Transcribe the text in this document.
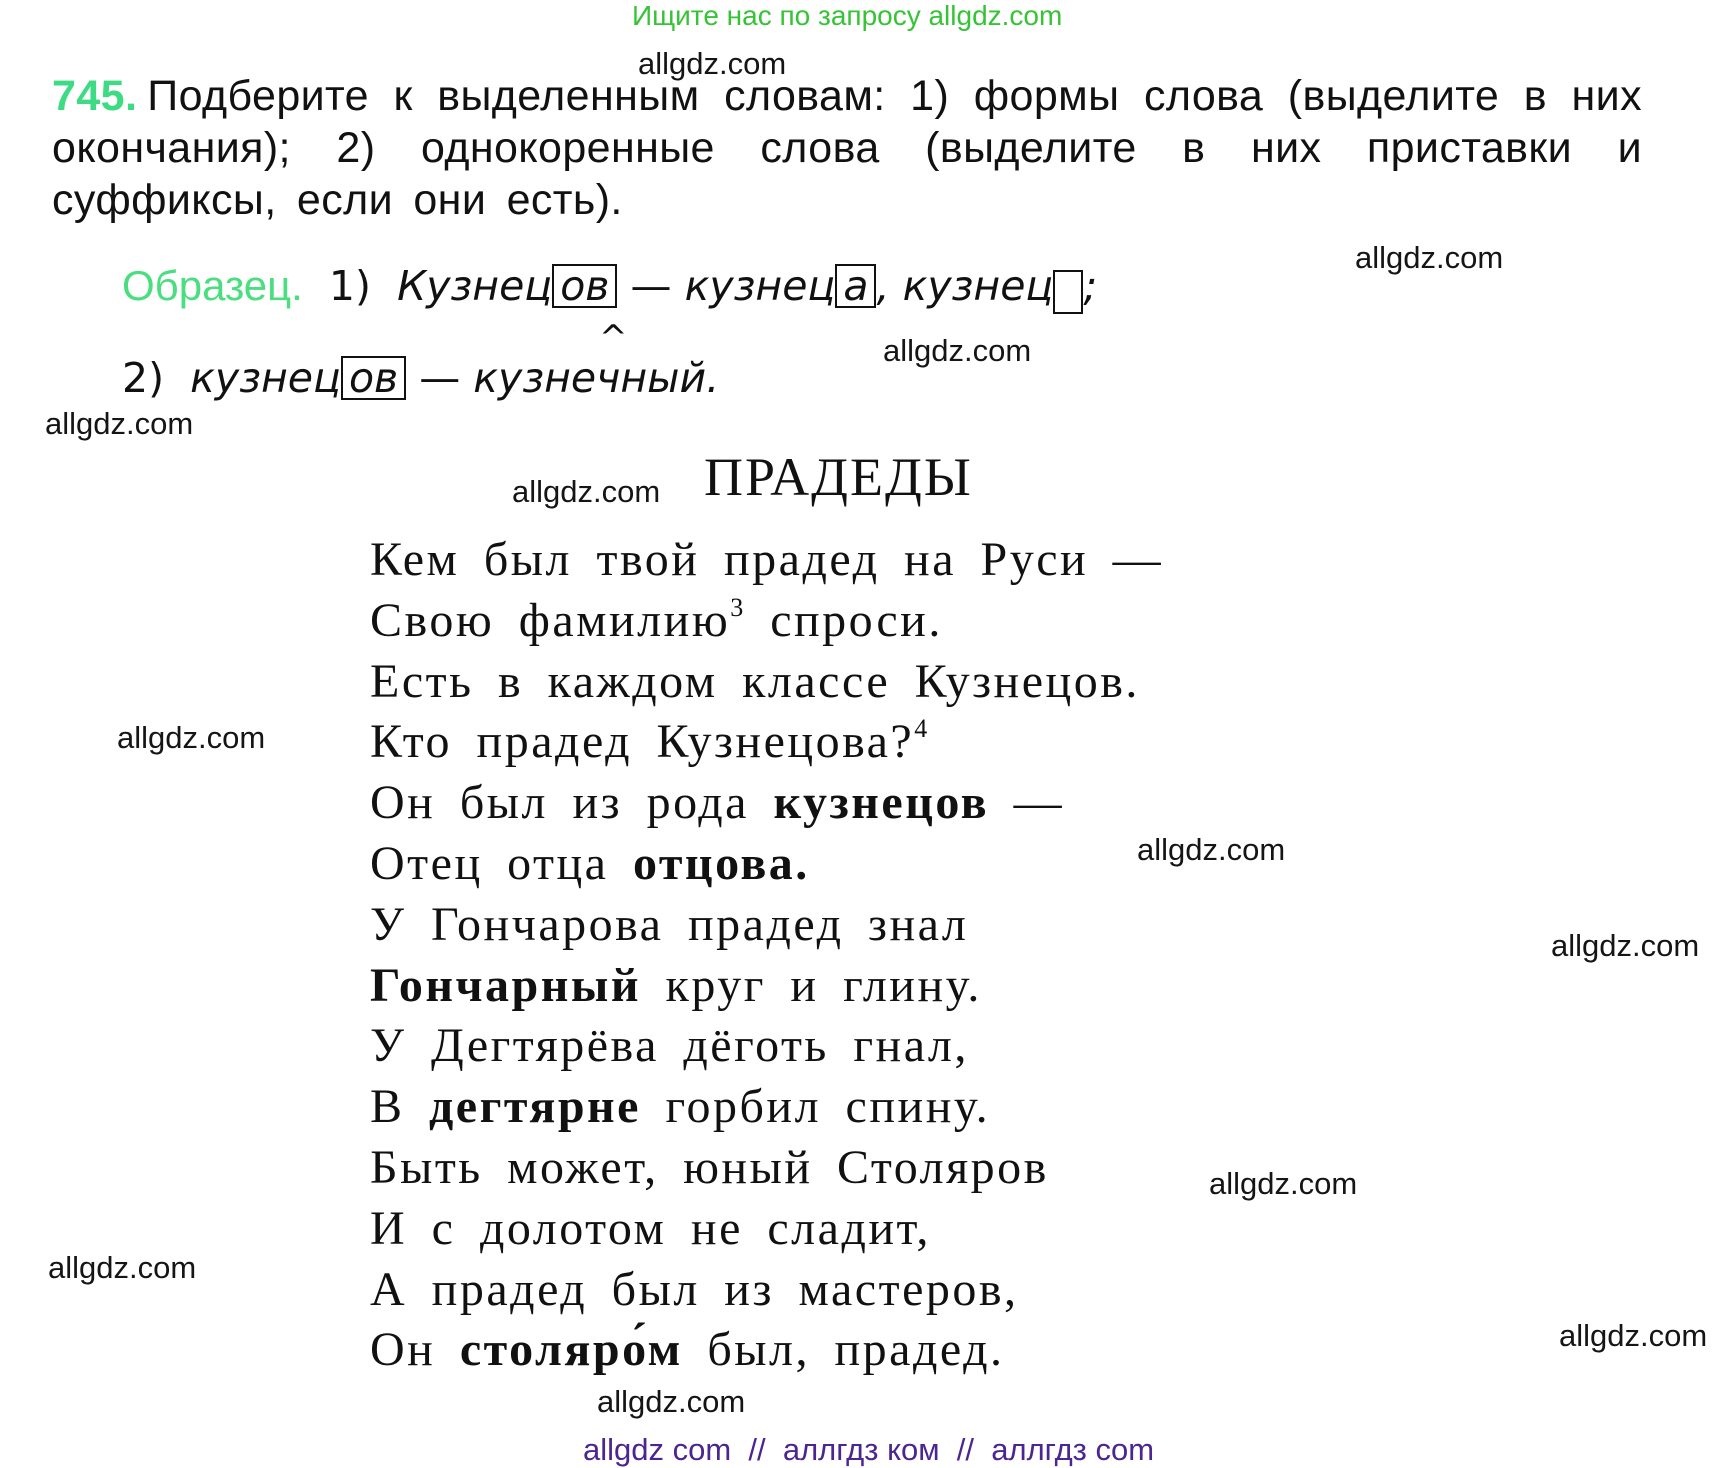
Ищите нас по запросу allgdz.com
allgdz.com
allgdz.com
allgdz.com
allgdz.com
allgdz.com
allgdz.com
allgdz.com
allgdz.com
allgdz.com
allgdz.com
allgdz.com
allgdz.com
745. Подберите к выделенным словам: 1) формы слова (выделите в них окончания); 2) однокоренные слова (выделите в них приставки и суффиксы, если они есть).
Образец. 1) Кузнец ов — кузнец а , кузнец ;
^
2) кузнец ов — кузнечный.
ПРАДЕДЫ
Кем был твой прадед на Руси —
Свою фамилию$^3$ спроси.
Есть в каждом классе Кузнецов.
Кто прадед Кузнецова?$^4$
Он был из рода кузнецов —
Отец отца отцова.
У Гончарова прадед знал
Гончарный круг и глину.
У Дегтярёва дёготь гнал,
В дегтярне горбил спину.
Быть может, юный Столяров
И с долотом не сладит,
А прадед был из мастеров,
Он столяро́м был, прадед.
allgdz com  //  аллгдз ком  //  аллгдз com
